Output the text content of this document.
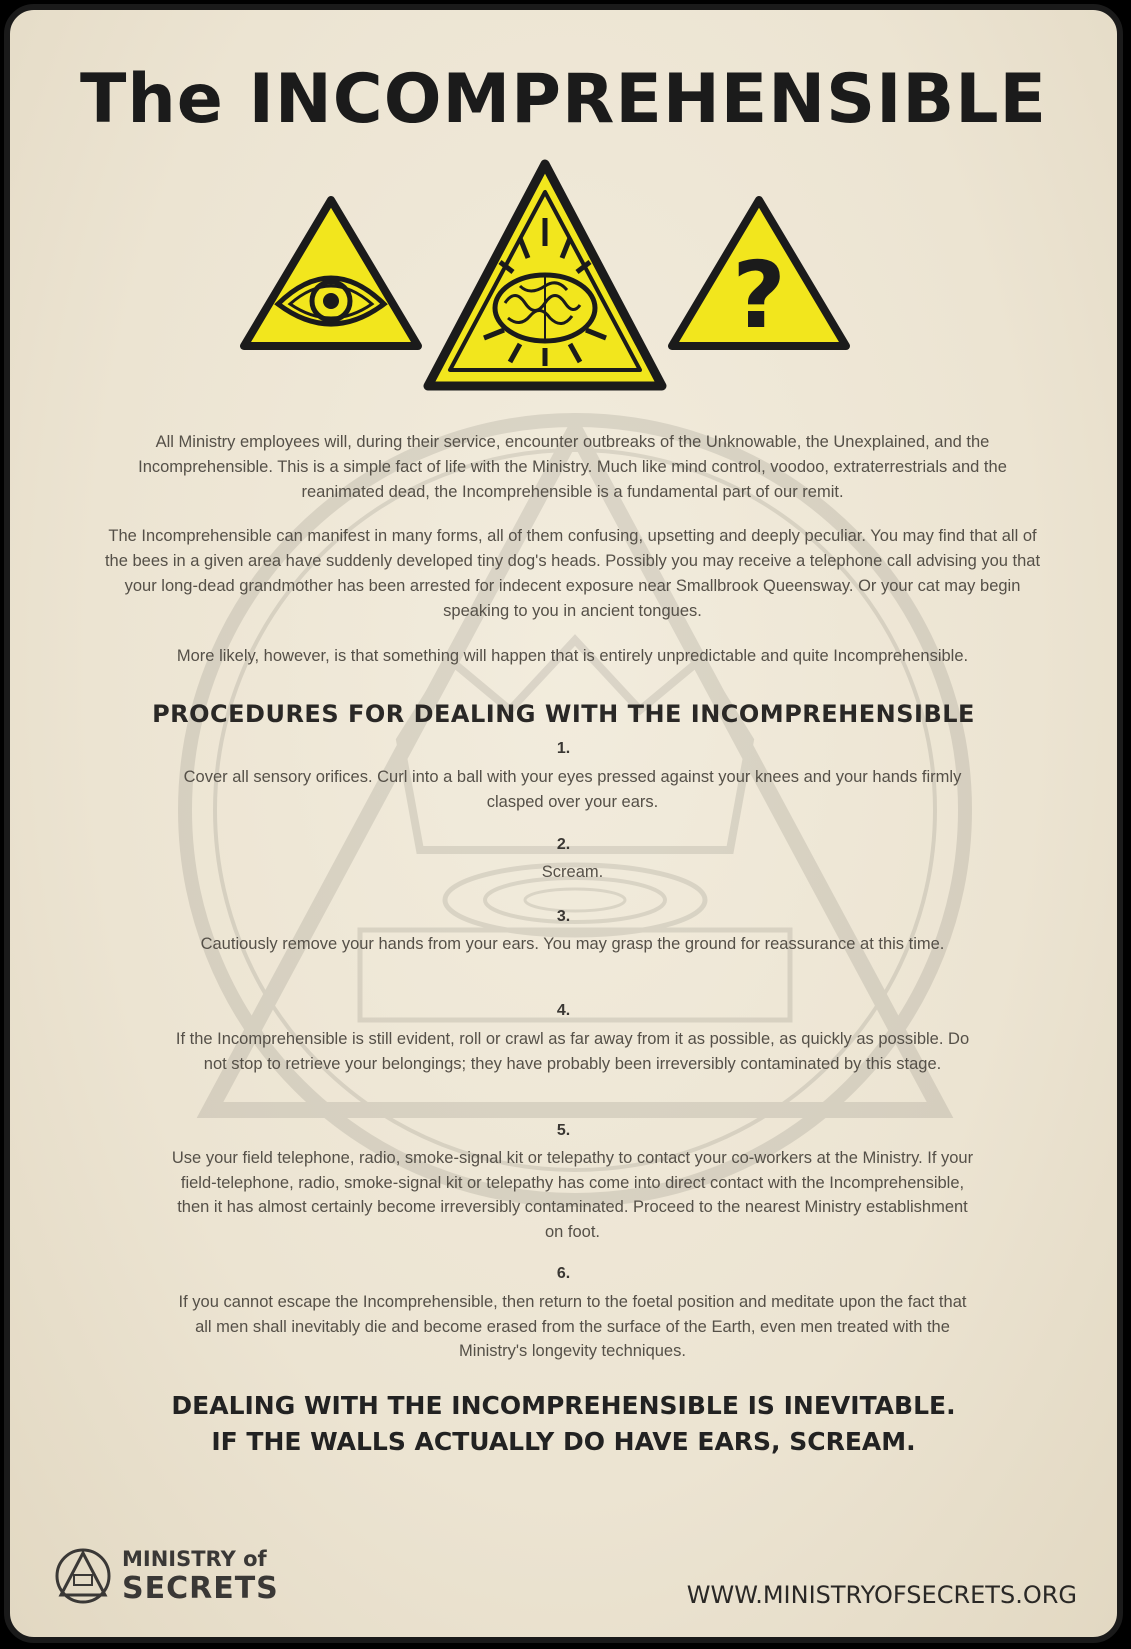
The INCOMPREHENSIBLE
?
All Ministry employees will, during their service, encounter outbreaks of the Unknowable, the Unexplained, and the Incomprehensible. This is a simple fact of life with the Ministry. Much like mind control, voodoo, extraterrestrials and the reanimated dead, the Incomprehensible is a fundamental part of our remit.
The Incomprehensible can manifest in many forms, all of them confusing, upsetting and deeply peculiar. You may find that all of the bees in a given area have suddenly developed tiny dog's heads. Possibly you may receive a telephone call advising you that your long-dead grandmother has been arrested for indecent exposure near Smallbrook Queensway. Or your cat may begin speaking to you in ancient tongues.
More likely, however, is that something will happen that is entirely unpredictable and quite Incomprehensible.
PROCEDURES FOR DEALING WITH THE INCOMPREHENSIBLE
1.
Cover all sensory orifices. Curl into a ball with your eyes pressed against your knees and your hands firmly clasped over your ears.
2.
Scream.
3.
Cautiously remove your hands from your ears. You may grasp the ground for reassurance at this time.
4.
If the Incomprehensible is still evident, roll or crawl as far away from it as possible, as quickly as possible. Do not stop to retrieve your belongings; they have probably been irreversibly contaminated by this stage.
5.
Use your field telephone, radio, smoke-signal kit or telepathy to contact your co-workers at the Ministry. If your field-telephone, radio, smoke-signal kit or telepathy has come into direct contact with the Incomprehensible, then it has almost certainly become irreversibly contaminated. Proceed to the nearest Ministry establishment on foot.
6.
If you cannot escape the Incomprehensible, then return to the foetal position and meditate upon the fact that all men shall inevitably die and become erased from the surface of the Earth, even men treated with the Ministry's longevity techniques.
DEALING WITH THE INCOMPREHENSIBLE IS INEVITABLE.
IF THE WALLS ACTUALLY DO HAVE EARS, SCREAM.
MINISTRY of
SECRETS	WWW.MINISTRYOFSECRETS.ORG
